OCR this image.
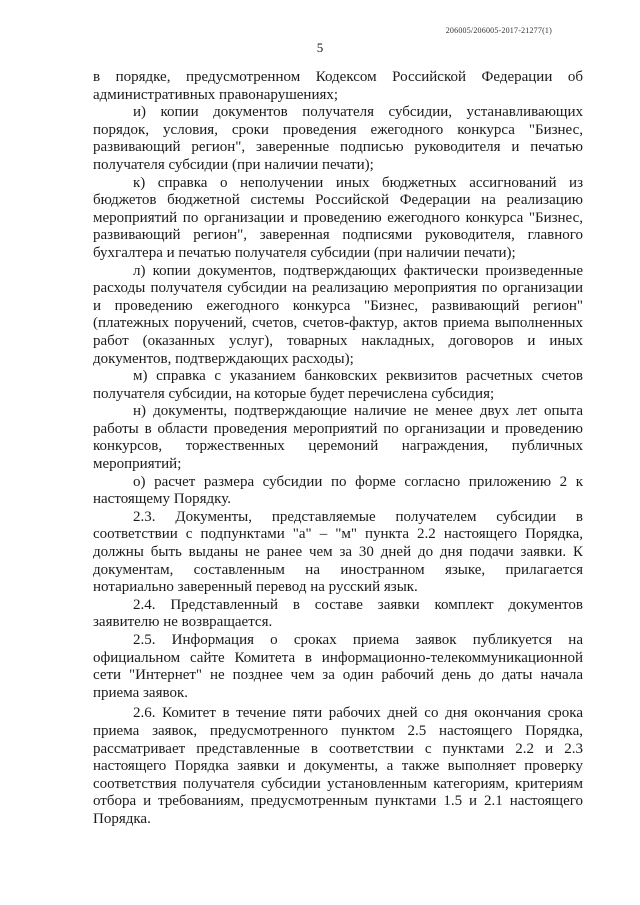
206005/206005-2017-21277(1)
5

в порядке, предусмотренном Кодексом Российской Федерации об административных правонарушениях;

и) копии документов получателя субсидии, устанавливающих порядок, условия, сроки проведения ежегодного конкурса "Бизнес, развивающий регион", заверенные подписью руководителя и печатью получателя субсидии (при наличии печати);

к) справка о неполучении иных бюджетных ассигнований из бюджетов бюджетной системы Российской Федерации на реализацию мероприятий по организации и проведению ежегодного конкурса "Бизнес, развивающий регион", заверенная подписями руководителя, главного бухгалтера и печатью получателя субсидии (при наличии печати);

л) копии документов, подтверждающих фактически произведенные расходы получателя субсидии на реализацию мероприятия по организации и проведению ежегодного конкурса "Бизнес, развивающий регион" (платежных поручений, счетов, счетов-фактур, актов приема выполненных работ (оказанных услуг), товарных накладных, договоров и иных документов, подтверждающих расходы);

м) справка с указанием банковских реквизитов расчетных счетов получателя субсидии, на которые будет перечислена субсидия;

н) документы, подтверждающие наличие не менее двух лет опыта работы в области проведения мероприятий по организации и проведению конкурсов, торжественных церемоний награждения, публичных мероприятий;

о) расчет размера субсидии по форме согласно приложению 2 к настоящему Порядку.

2.3. Документы, представляемые получателем субсидии в соответствии с подпунктами "а" – "м" пункта 2.2 настоящего Порядка, должны быть выданы не ранее чем за 30 дней до дня подачи заявки. К документам, составленным на иностранном языке, прилагается нотариально заверенный перевод на русский язык.

2.4. Представленный в составе заявки комплект документов заявителю не возвращается.

2.5. Информация о сроках приема заявок публикуется на официальном сайте Комитета в информационно-телекоммуникационной сети "Интернет" не позднее чем за один рабочий день до даты начала приема заявок.

2.6. Комитет в течение пяти рабочих дней со дня окончания срока приема заявок, предусмотренного пунктом 2.5 настоящего Порядка, рассматривает представленные в соответствии с пунктами 2.2 и 2.3 настоящего Порядка заявки и документы, а также выполняет проверку соответствия получателя субсидии установленным категориям, критериям отбора и требованиям, предусмотренным пунктами 1.5 и 2.1 настоящего Порядка.
